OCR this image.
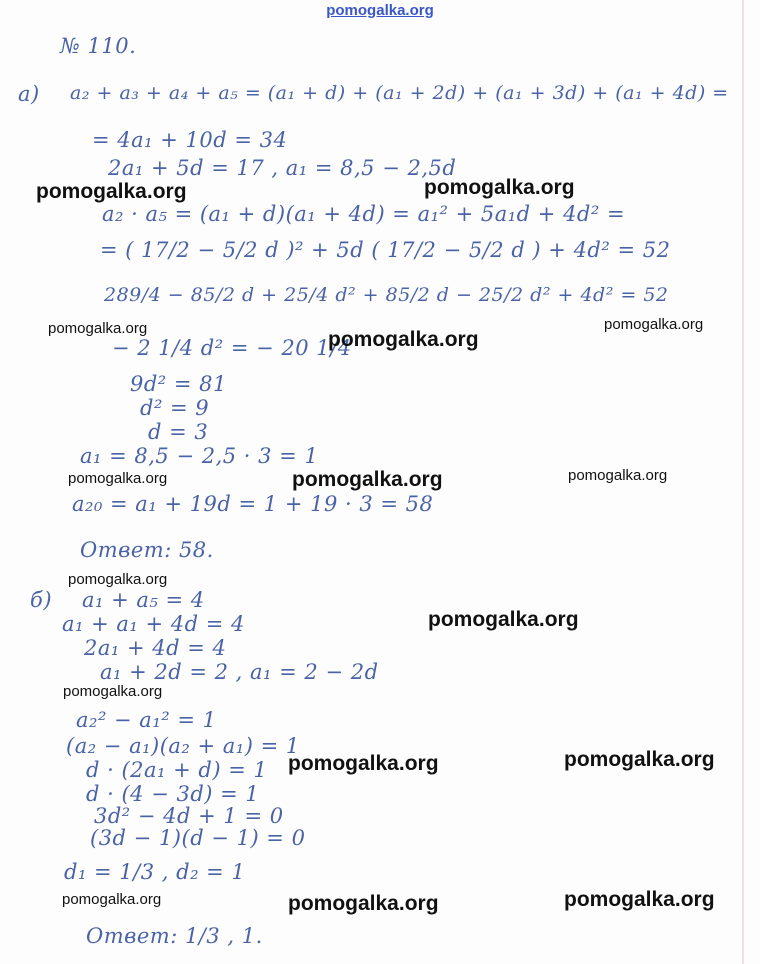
pomogalka.org
№ 110.
а) a₂ + a₃ + a₄ + a₅ = (a₁ + d) + (a₁ + 2d) + (a₁ + 3d) + (a₁ + 4d) =
= 4a₁ + 10d = 34
2a₁ + 5d = 17 , a₁ = 8,5 − 2,5d
a₂ · a₅ = (a₁ + d)(a₁ + 4d) = a₁² + 5a₁d + 4d² =
= ( 17/2 − 5/2 d )² + 5d ( 17/2 − 5/2 d ) + 4d² = 52
289/4 − 85/2 d + 25/4 d² + 85/2 d − 25/2 d² + 4d² = 52
− 2 1/4 d² = − 20 1/4
9d² = 81
d² = 9
d = 3
a₁ = 8,5 − 2,5 · 3 = 1
a₂₀ = a₁ + 19d = 1 + 19 · 3 = 58
Ответ: 58.
б) a₁ + a₅ = 4
a₁ + a₁ + 4d = 4
2a₁ + 4d = 4
a₁ + 2d = 2 , a₁ = 2 − 2d
a₂² − a₁² = 1
(a₂ − a₁)(a₂ + a₁) = 1
d · (2a₁ + d) = 1
d · (4 − 3d) = 1
3d² − 4d + 1 = 0
(3d − 1)(d − 1) = 0
d₁ = 1/3 , d₂ = 1
Ответ: 1/3 , 1.
pomogalka.org	pomogalka.org
pomogalka.org	pomogalka.org
pomogalka.org
pomogalka.org	pomogalka.org	pomogalka.org
pomogalka.org
pomogalka.org
pomogalka.org
pomogalka.org	pomogalka.org
pomogalka.org	pomogalka.org	pomogalka.org
